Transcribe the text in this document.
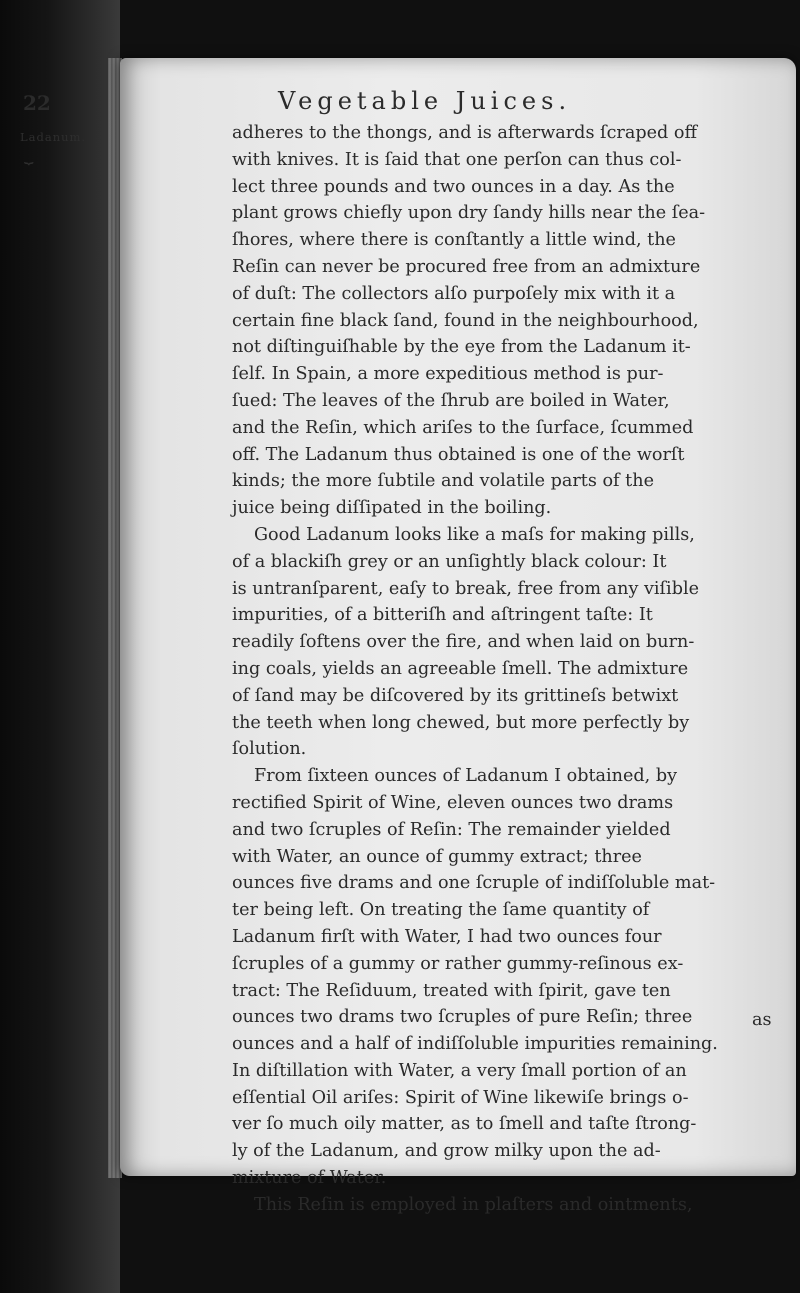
22	Vegetable Juices.
Ladanum.
⏟
adheres to the thongs, and is afterwards ſcraped off
with knives. It is ſaid that one perſon can thus col-
lect three pounds and two ounces in a day. As the
plant grows chiefly upon dry ſandy hills near the ſea-
ſhores, where there is conſtantly a little wind, the
Reſin can never be procured free from an admixture
of duſt: The collectors alſo purpoſely mix with it a
certain fine black ſand, found in the neighbourhood,
not diſtinguiſhable by the eye from the Ladanum it-
ſelf. In Spain, a more expeditious method is pur-
ſued: The leaves of the ſhrub are boiled in Water,
and the Reſin, which ariſes to the ſurface, ſcummed
off. The Ladanum thus obtained is one of the worſt
kinds; the more ſubtile and volatile parts of the
juice being diſſipated in the boiling.
Good Ladanum looks like a maſs for making pills,
of a blackiſh grey or an unſightly black colour: It
is untranſparent, eaſy to break, free from any viſible
impurities, of a bitteriſh and aſtringent taſte: It
readily ſoftens over the fire, and when laid on burn-
ing coals, yields an agreeable ſmell. The admixture
of ſand may be diſcovered by its grittineſs betwixt
the teeth when long chewed, but more perfectly by
ſolution.
From ſixteen ounces of Ladanum I obtained, by
rectified Spirit of Wine, eleven ounces two drams
and two ſcruples of Reſin: The remainder yielded
with Water, an ounce of gummy extract; three
ounces five drams and one ſcruple of indiſſoluble mat-
ter being left. On treating the ſame quantity of
Ladanum firſt with Water, I had two ounces four
ſcruples of a gummy or rather gummy-reſinous ex-
tract: The Reſiduum, treated with ſpirit, gave ten
ounces two drams two ſcruples of pure Reſin; three
ounces and a half of indiſſoluble impurities remaining.
In diſtillation with Water, a very ſmall portion of an
eſſential Oil ariſes: Spirit of Wine likewiſe brings o-
ver ſo much oily matter, as to ſmell and taſte ſtrong-
ly of the Ladanum, and grow milky upon the ad-
mixture of Water.
This Reſin is employed in plaſters and ointments,
as
